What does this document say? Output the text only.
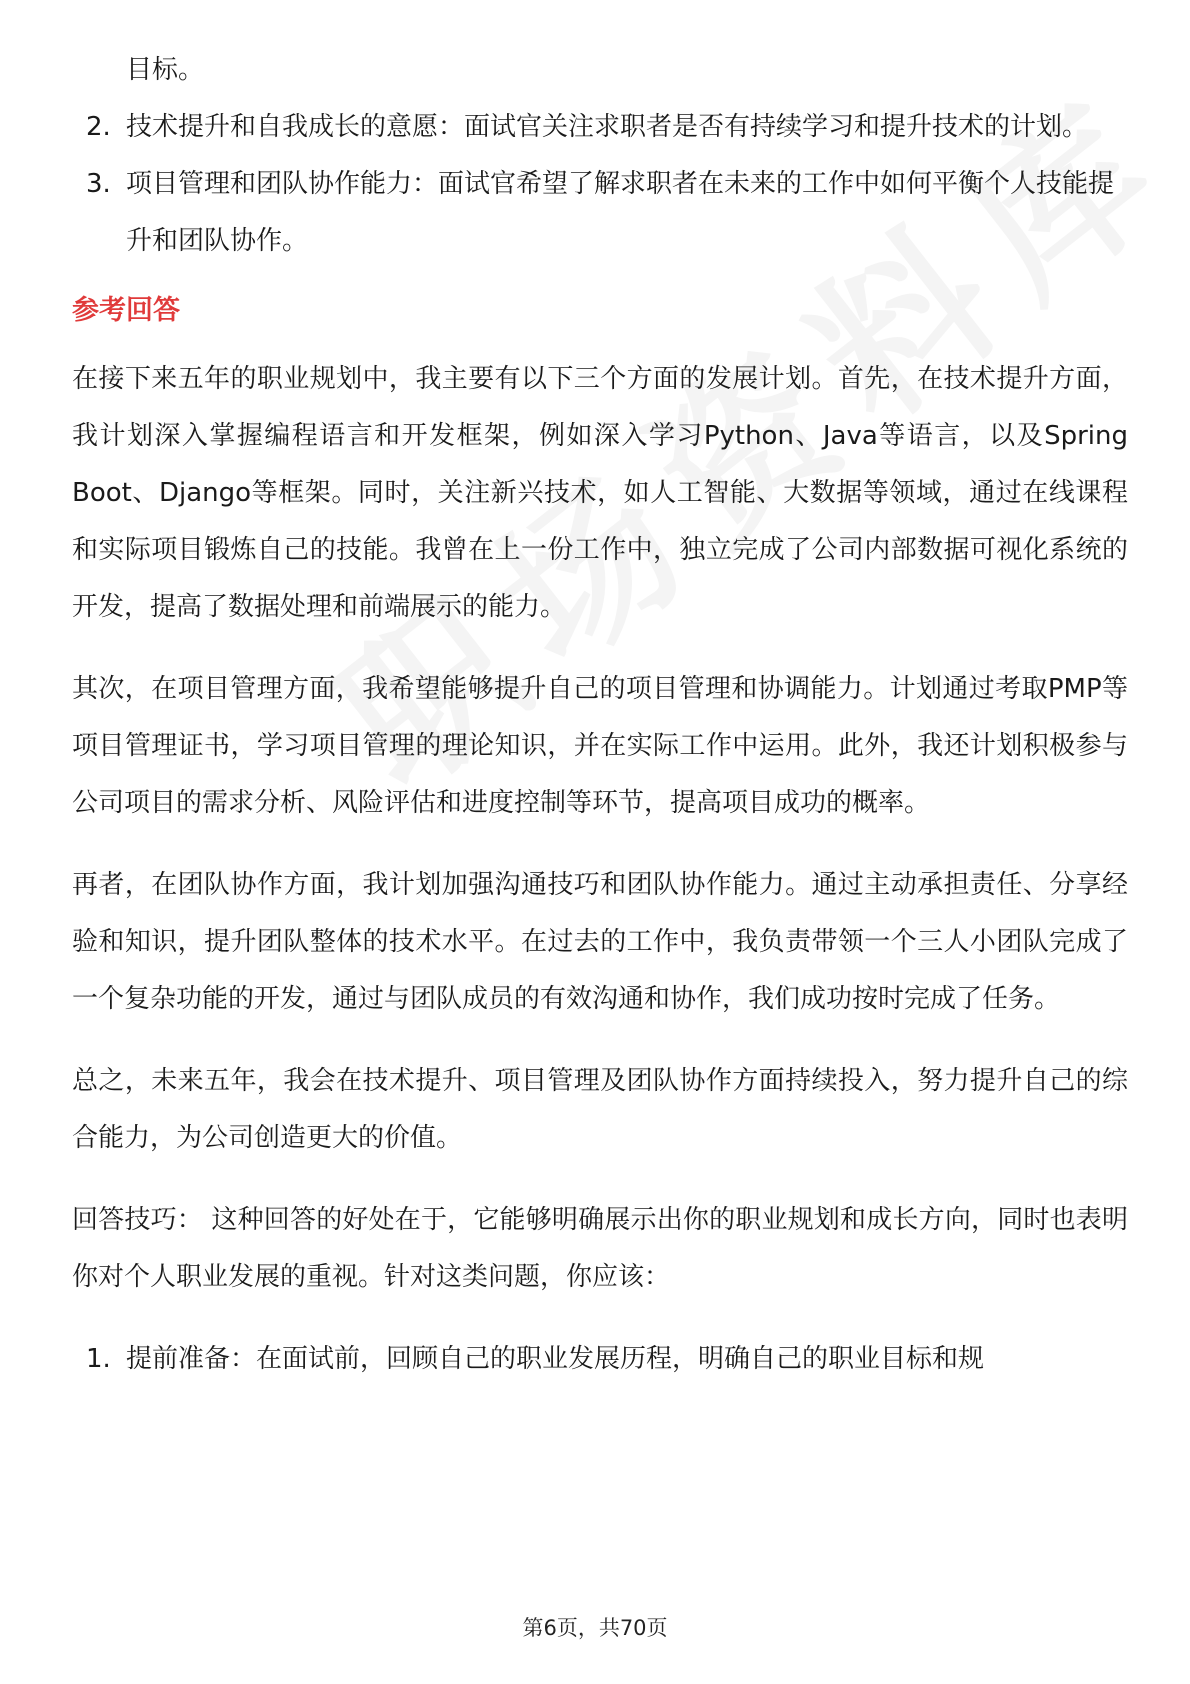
目标。
2. 技术提升和自我成长的意愿：面试官关注求职者是否有持续学习和提升技术的计划。
3. 项目管理和团队协作能力：面试官希望了解求职者在未来的工作中如何平衡个人技能提升和团队协作。
参考回答

在接下来五年的职业规划中，我主要有以下三个方面的发展计划。首先，在技术提升方面，我计划深入掌握编程语言和开发框架，例如深入学习Python、Java等语言，以及Spring Boot、Django等框架。同时，关注新兴技术，如人工智能、大数据等领域，通过在线课程和实际项目锻炼自己的技能。我曾在上一份工作中，独立完成了公司内部数据可视化系统的开发，提高了数据处理和前端展示的能力。

其次，在项目管理方面，我希望能够提升自己的项目管理和协调能力。计划通过考取PMP等项目管理证书，学习项目管理的理论知识，并在实际工作中运用。此外，我还计划积极参与公司项目的需求分析、风险评估和进度控制等环节，提高项目成功的概率。

再者，在团队协作方面，我计划加强沟通技巧和团队协作能力。通过主动承担责任、分享经验和知识，提升团队整体的技术水平。在过去的工作中，我负责带领一个三人小团队完成了一个复杂功能的开发，通过与团队成员的有效沟通和协作，我们成功按时完成了任务。

总之，未来五年，我会在技术提升、项目管理及团队协作方面持续投入，努力提升自己的综合能力，为公司创造更大的价值。

回答技巧： 这种回答的好处在于，它能够明确展示出你的职业规划和成长方向，同时也表明你对个人职业发展的重视。针对这类问题，你应该：

1. 提前准备：在面试前，回顾自己的职业发展历程，明确自己的职业目标和规
第6页，共70页
